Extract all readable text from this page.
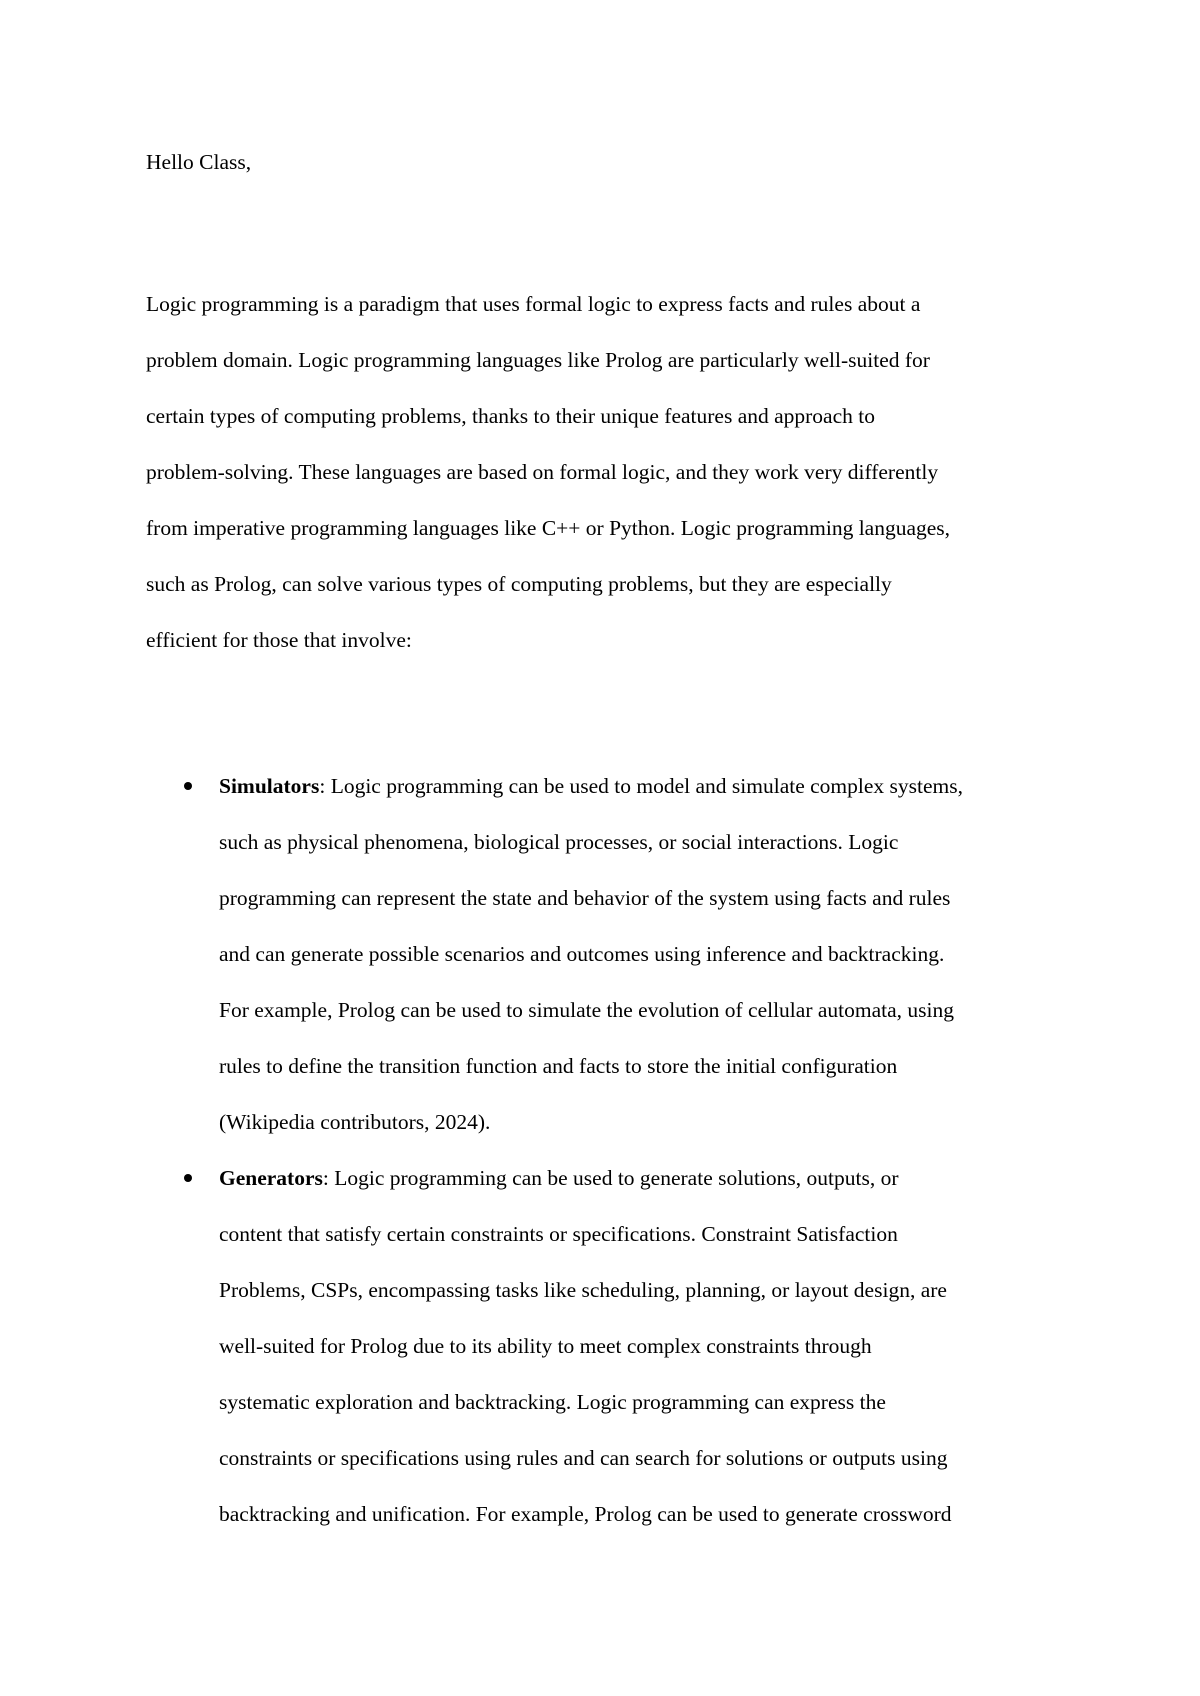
Hello Class,

Logic programming is a paradigm that uses formal logic to express facts and rules about a
problem domain. Logic programming languages like Prolog are particularly well-suited for
certain types of computing problems, thanks to their unique features and approach to
problem-solving. These languages are based on formal logic, and they work very differently
from imperative programming languages like C++ or Python. Logic programming languages,
such as Prolog, can solve various types of computing problems, but they are especially
efficient for those that involve:

Simulators: Logic programming can be used to model and simulate complex systems,
such as physical phenomena, biological processes, or social interactions. Logic
programming can represent the state and behavior of the system using facts and rules
and can generate possible scenarios and outcomes using inference and backtracking.
For example, Prolog can be used to simulate the evolution of cellular automata, using
rules to define the transition function and facts to store the initial configuration
(Wikipedia contributors, 2024).
Generators: Logic programming can be used to generate solutions, outputs, or
content that satisfy certain constraints or specifications. Constraint Satisfaction
Problems, CSPs, encompassing tasks like scheduling, planning, or layout design, are
well-suited for Prolog due to its ability to meet complex constraints through
systematic exploration and backtracking. Logic programming can express the
constraints or specifications using rules and can search for solutions or outputs using
backtracking and unification. For example, Prolog can be used to generate crossword
